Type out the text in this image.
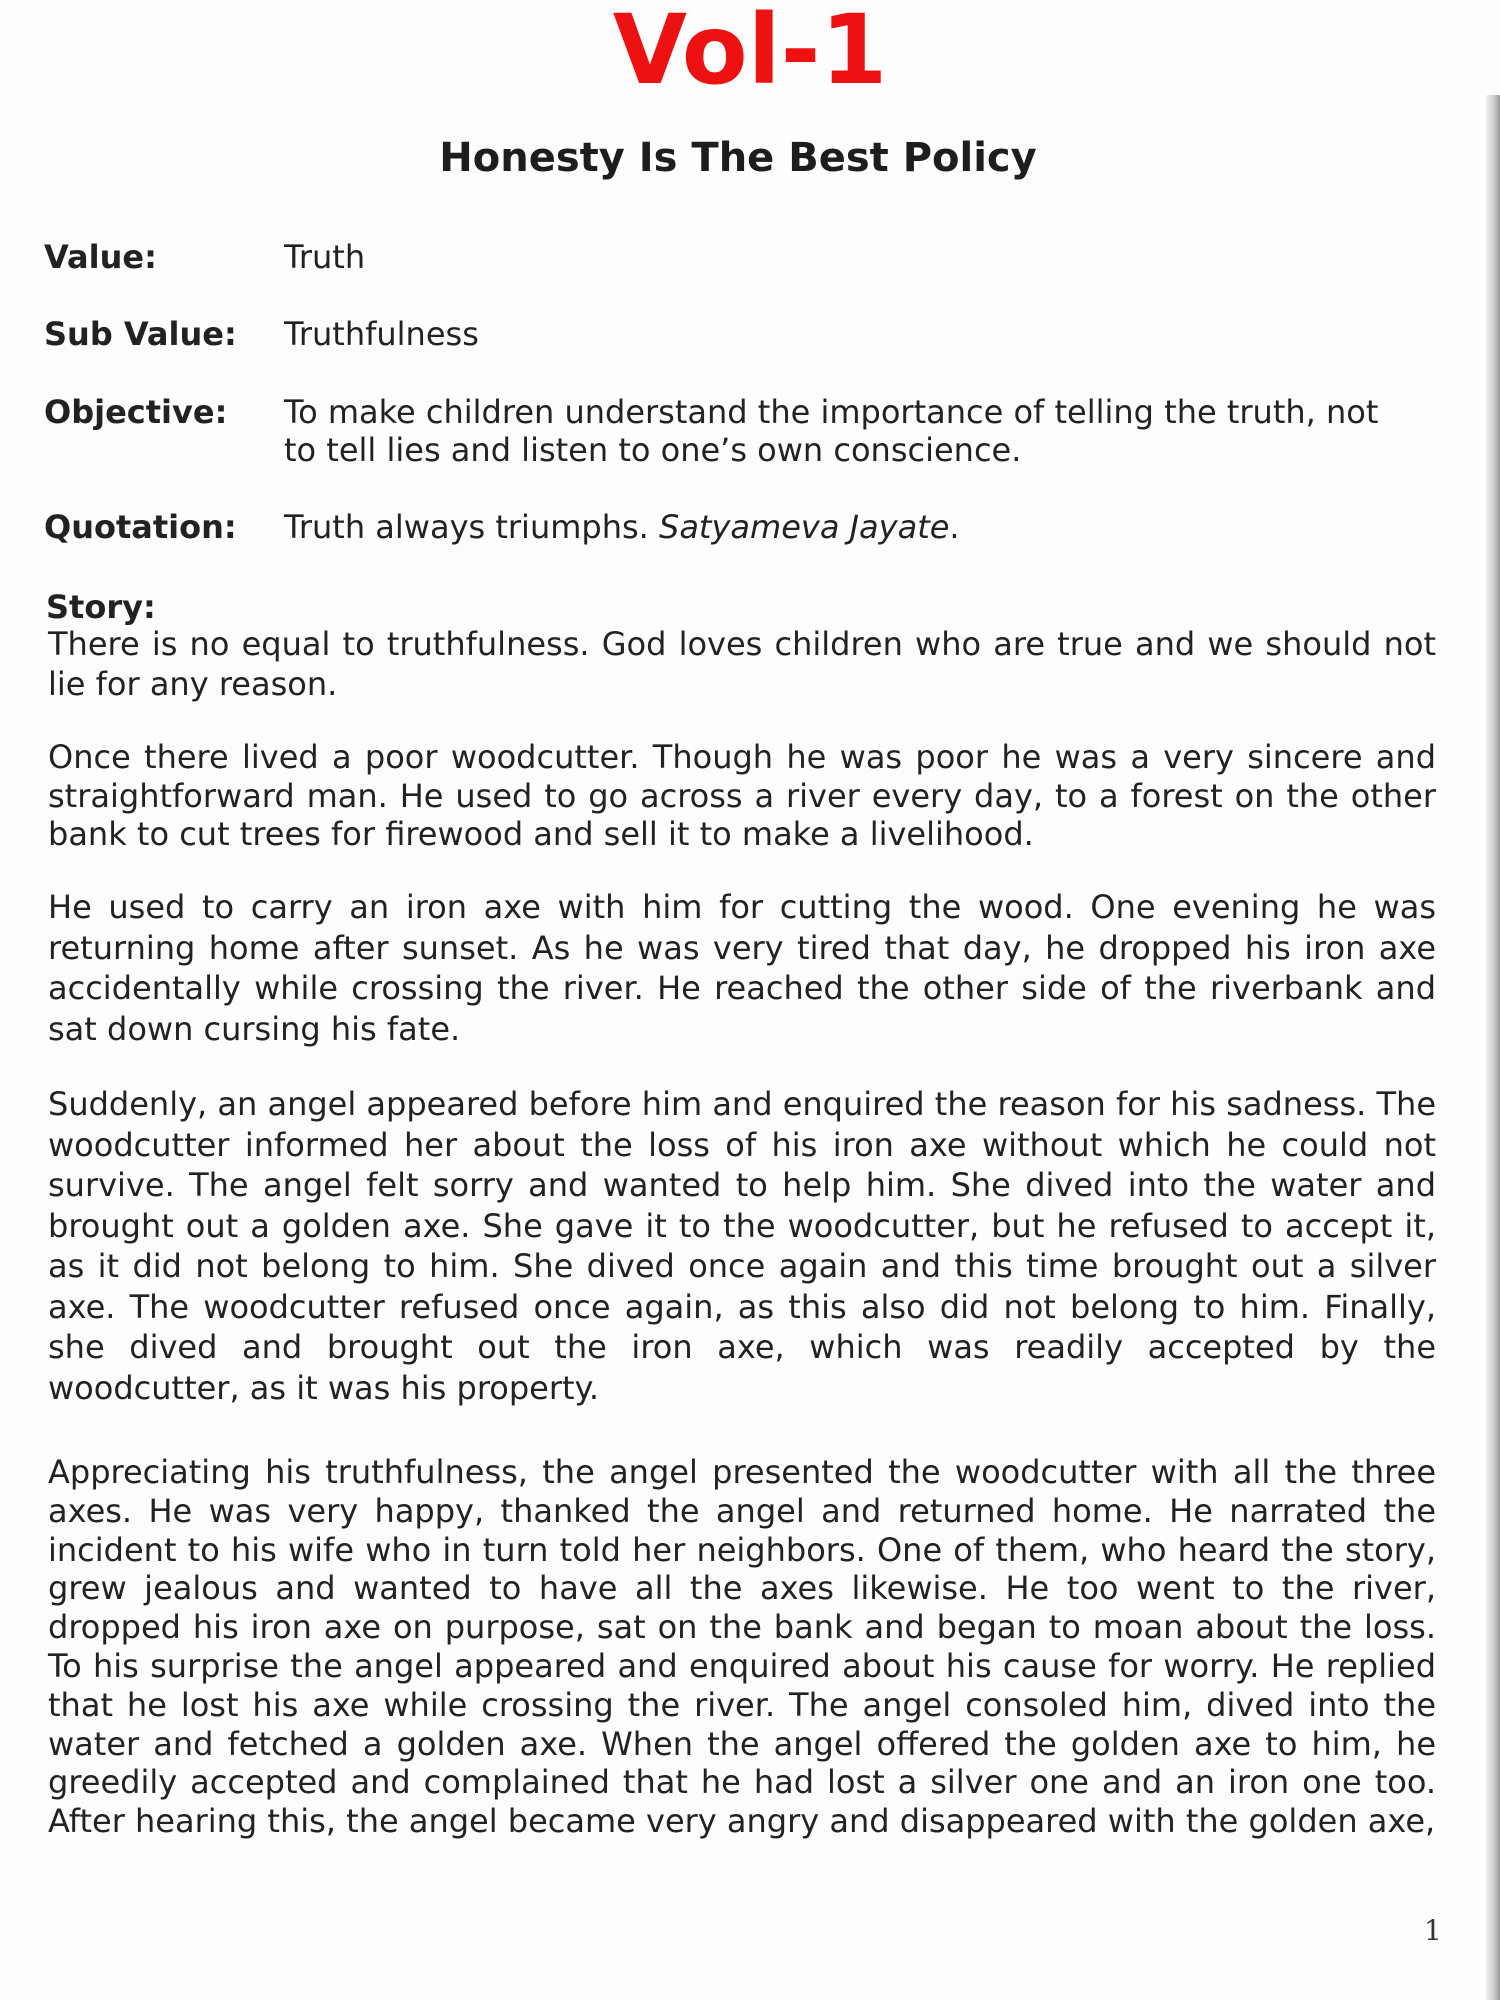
Vol-1
Honesty Is The Best Policy
Value:	Truth
Sub Value: Truthfulness
Objective: To make children understand the importance of telling the truth, not to tell lies and listen to one’s own conscience.
Quotation: Truth always triumphs. Satyameva Jayate.
Story:

There is no equal to truthfulness. God loves children who are true and we should not lie for any reason.

Once there lived a poor woodcutter. Though he was poor he was a very sincere and straightforward man. He used to go across a river every day, to a forest on the other bank to cut trees for firewood and sell it to make a livelihood.

He used to carry an iron axe with him for cutting the wood. One evening he was returning home after sunset. As he was very tired that day, he dropped his iron axe accidentally while crossing the river. He reached the other side of the riverbank and sat down cursing his fate.

Suddenly, an angel appeared before him and enquired the reason for his sadness. The woodcutter informed her about the loss of his iron axe without which he could not survive. The angel felt sorry and wanted to help him. She dived into the water and brought out a golden axe. She gave it to the woodcutter, but he refused to accept it, as it did not belong to him. She dived once again and this time brought out a silver axe. The woodcutter refused once again, as this also did not belong to him. Finally, she dived and brought out the iron axe, which was readily accepted by the woodcutter, as it was his property.

Appreciating his truthfulness, the angel presented the woodcutter with all the three axes. He was very happy, thanked the angel and returned home. He narrated the incident to his wife who in turn told her neighbors. One of them, who heard the story, grew jealous and wanted to have all the axes likewise. He too went to the river, dropped his iron axe on purpose, sat on the bank and began to moan about the loss. To his surprise the angel appeared and enquired about his cause for worry. He replied that he lost his axe while crossing the river. The angel consoled him, dived into the water and fetched a golden axe. When the angel offered the golden axe to him, he greedily accepted and complained that he had lost a silver one and an iron one too. After hearing this, the angel became very angry and disappeared with the golden axe,

1
